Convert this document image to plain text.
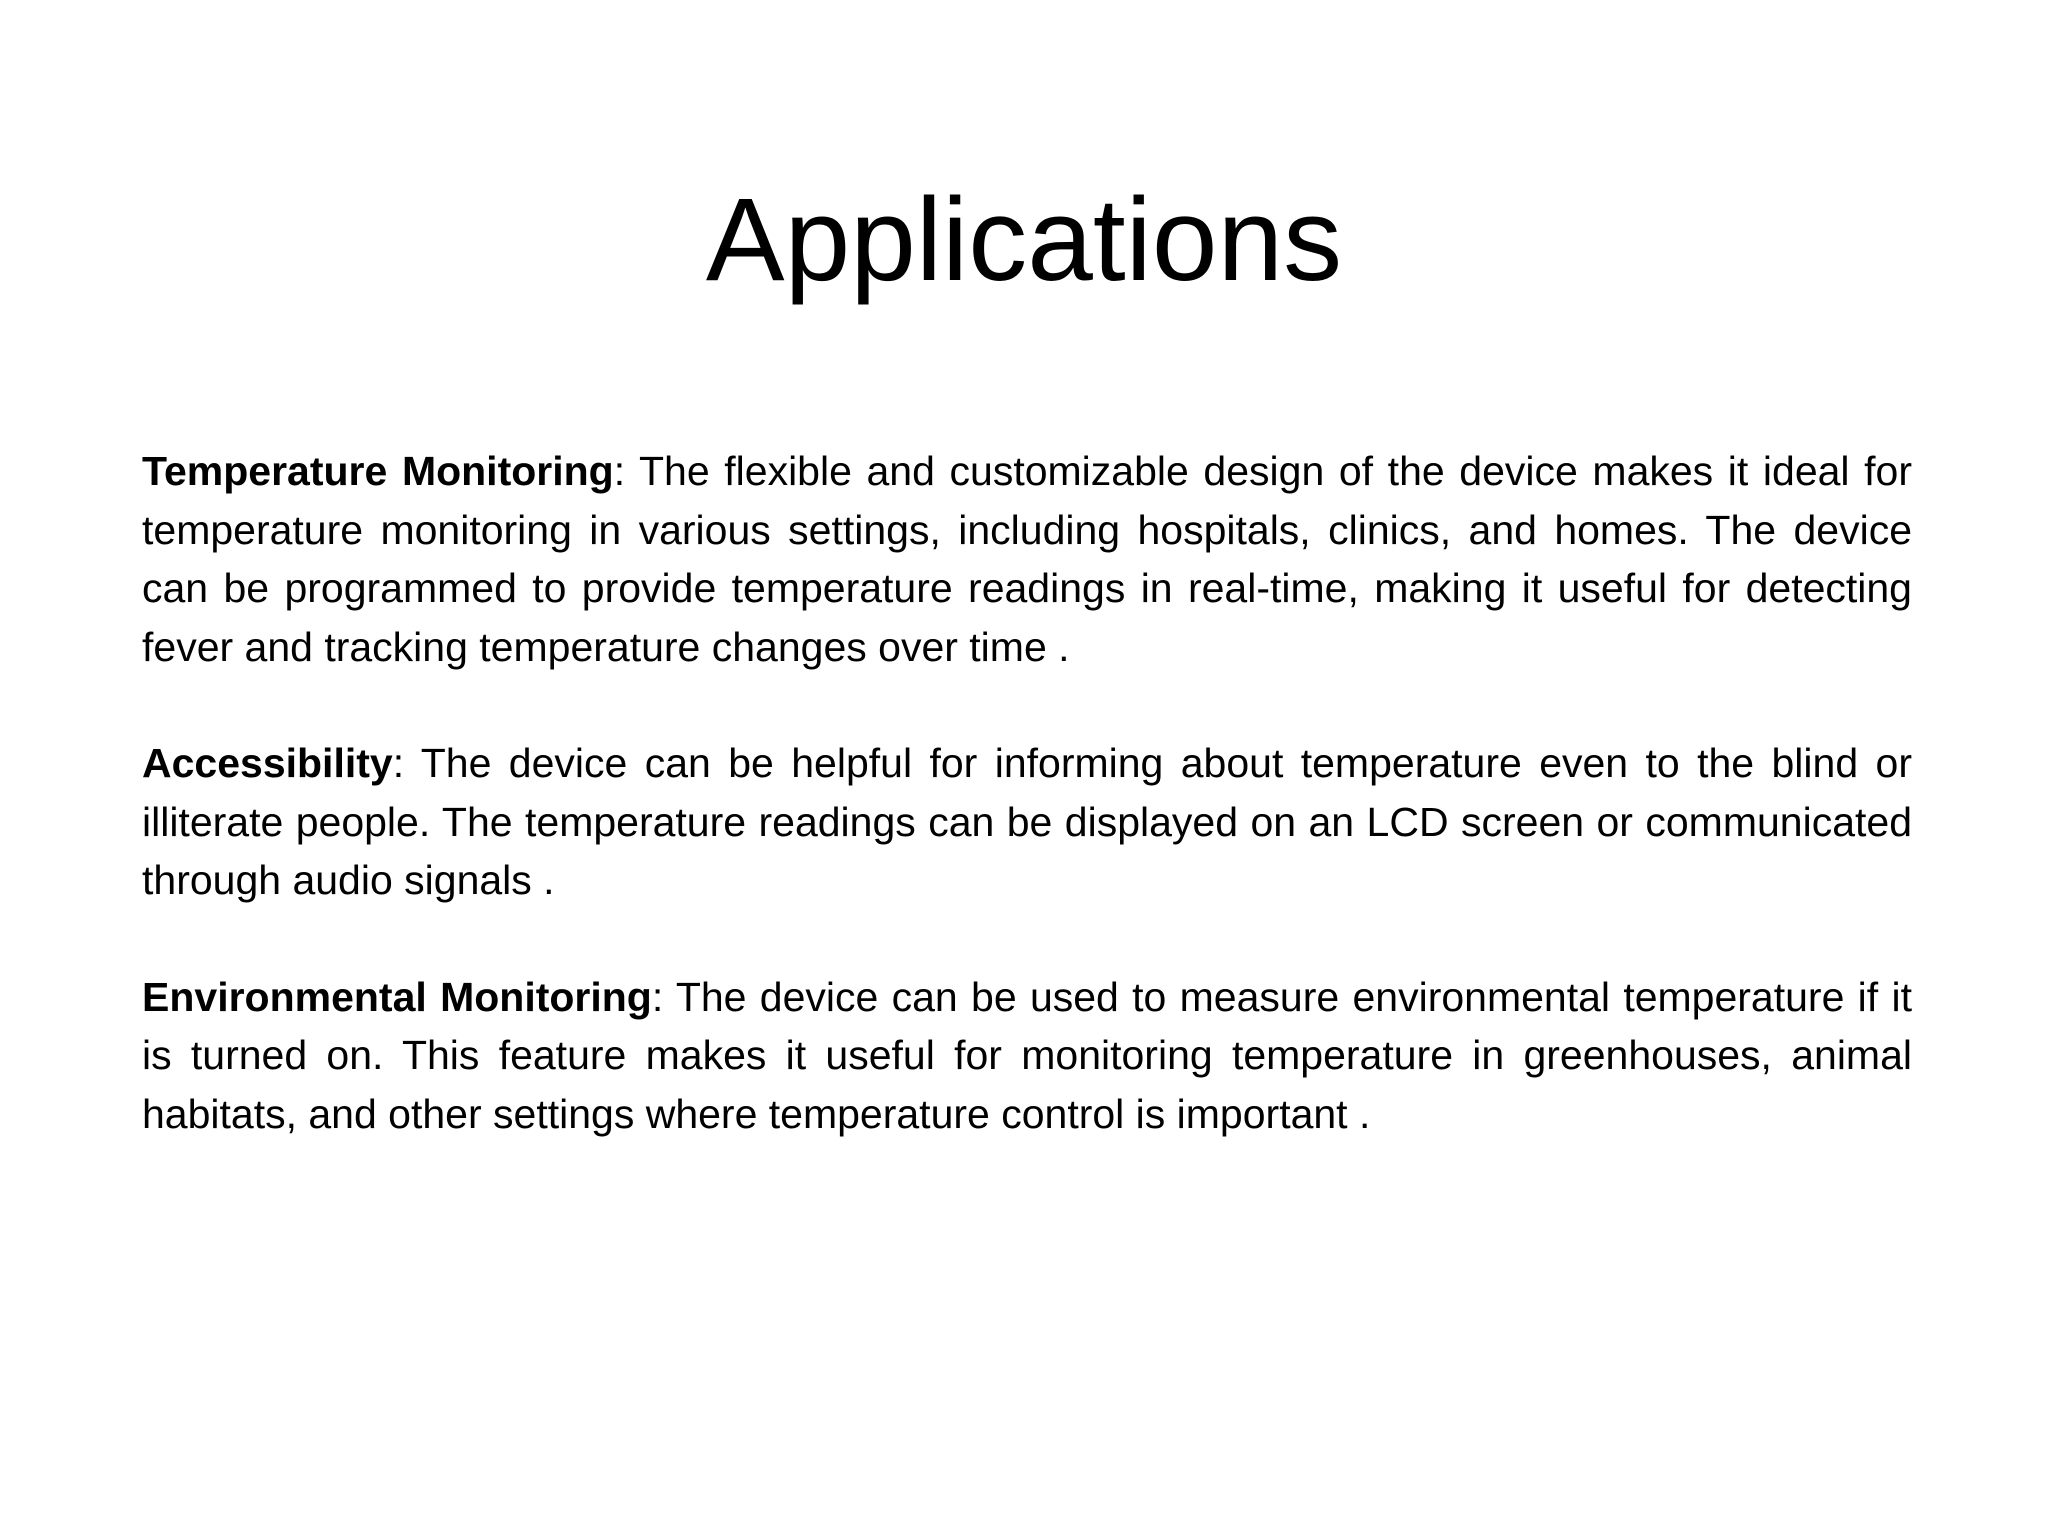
Applications

Temperature Monitoring: The flexible and customizable design of the device makes it ideal for temperature monitoring in various settings, including hospitals, clinics, and homes. The device can be programmed to provide temperature readings in real-time, making it useful for detecting fever and tracking temperature changes over time .

Accessibility: The device can be helpful for informing about temperature even to the blind or illiterate people. The temperature readings can be displayed on an LCD screen or communicated through audio signals .

Environmental Monitoring: The device can be used to measure environmental temperature if it is turned on. This feature makes it useful for monitoring temperature in greenhouses, animal habitats, and other settings where temperature control is important .
